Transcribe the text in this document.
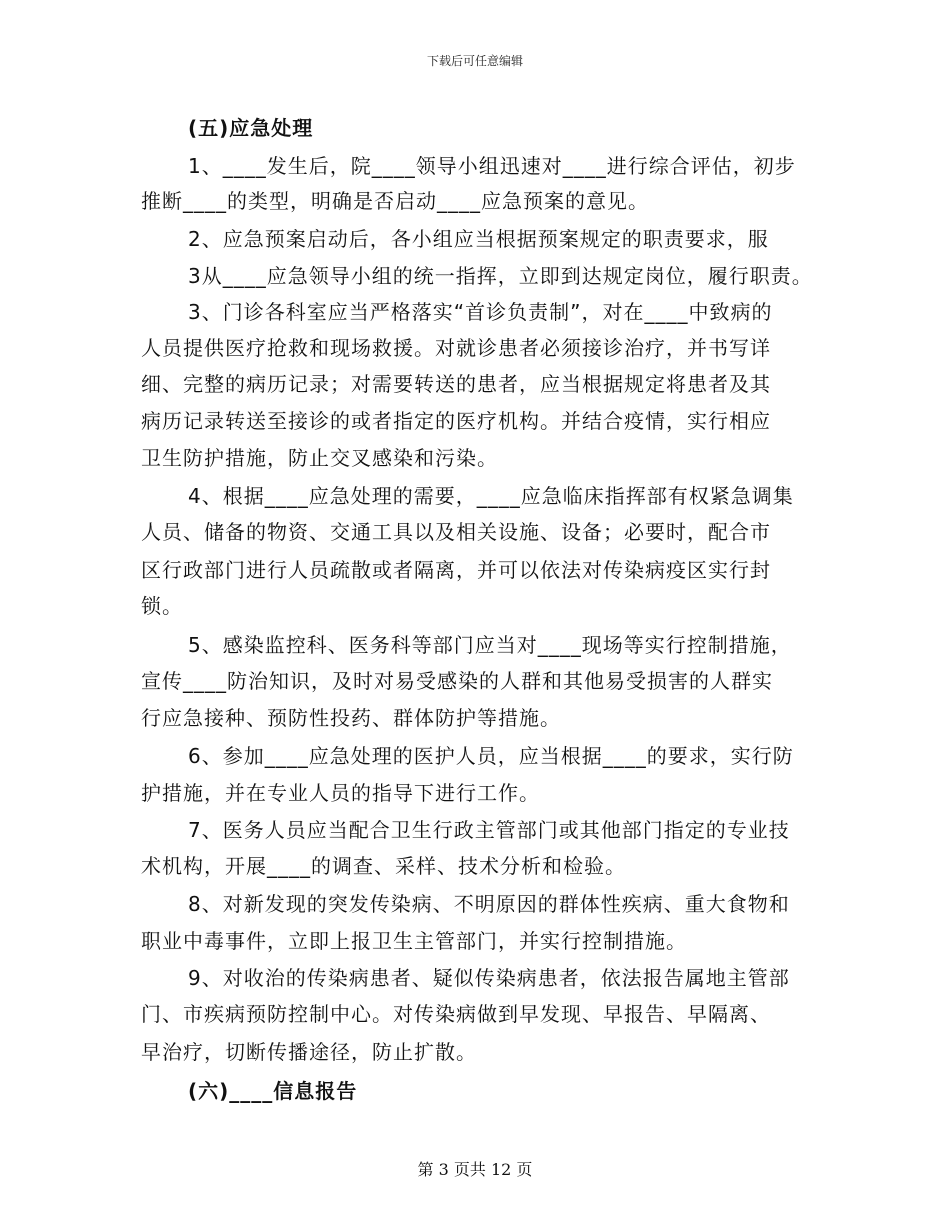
下载后可任意编辑
(五)应急处理
1、____发生后，院____领导小组迅速对____进行综合评估，初步
推断____的类型，明确是否启动____应急预案的意见。
2、应急预案启动后，各小组应当根据预案规定的职责要求，服
3从____应急领导小组的统一指挥，立即到达规定岗位，履行职责。
3、门诊各科室应当严格落实“首诊负责制”，对在____中致病的
人员提供医疗抢救和现场救援。对就诊患者必须接诊治疗，并书写详
细、完整的病历记录；对需要转送的患者，应当根据规定将患者及其
病历记录转送至接诊的或者指定的医疗机构。并结合疫情，实行相应
卫生防护措施，防止交叉感染和污染。
4、根据____应急处理的需要，____应急临床指挥部有权紧急调集
人员、储备的物资、交通工具以及相关设施、设备；必要时，配合市
区行政部门进行人员疏散或者隔离，并可以依法对传染病疫区实行封
锁。
5、感染监控科、医务科等部门应当对____现场等实行控制措施，
宣传____防治知识，及时对易受感染的人群和其他易受损害的人群实
行应急接种、预防性投药、群体防护等措施。
6、参加____应急处理的医护人员，应当根据____的要求，实行防
护措施，并在专业人员的指导下进行工作。
7、医务人员应当配合卫生行政主管部门或其他部门指定的专业技
术机构，开展____的调查、采样、技术分析和检验。
8、对新发现的突发传染病、不明原因的群体性疾病、重大食物和
职业中毒事件，立即上报卫生主管部门，并实行控制措施。
9、对收治的传染病患者、疑似传染病患者，依法报告属地主管部
门、市疾病预防控制中心。对传染病做到早发现、早报告、早隔离、
早治疗，切断传播途径，防止扩散。
(六)____信息报告
第 3 页共 12 页
